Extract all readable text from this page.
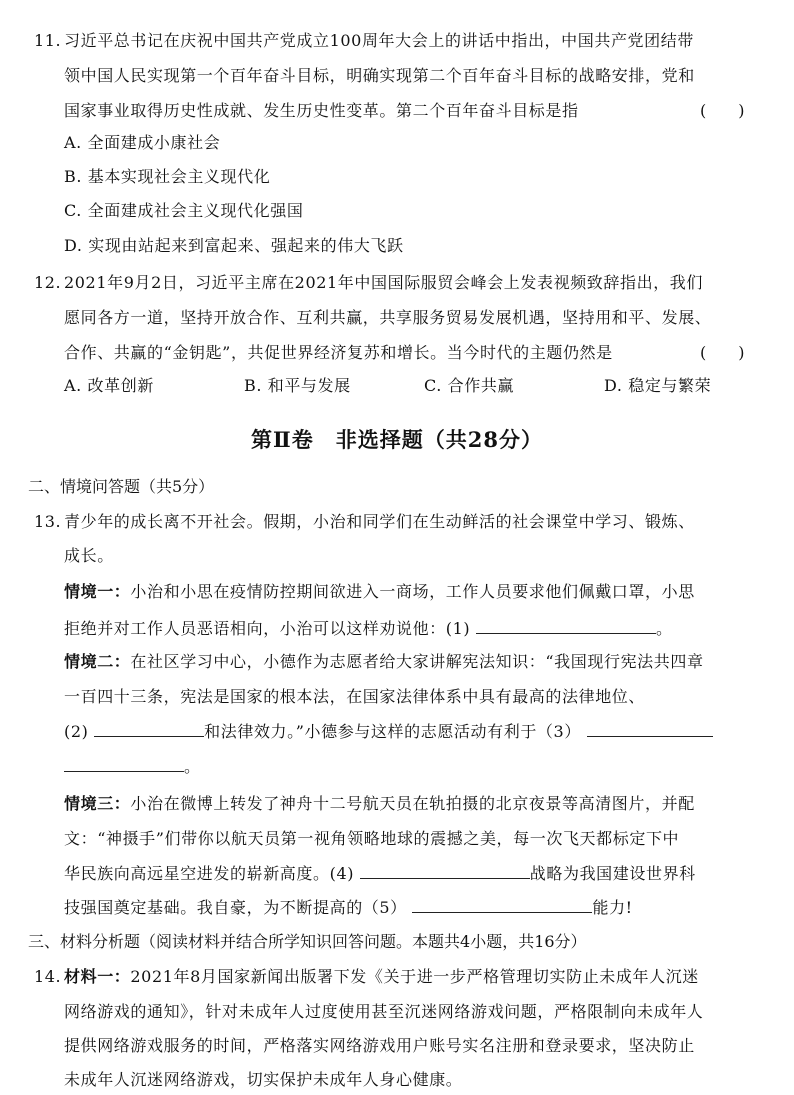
11. 习近平总书记在庆祝中国共产党成立100周年大会上的讲话中指出，中国共产党团结带
领中国人民实现第一个百年奋斗目标，明确实现第二个百年奋斗目标的战略安排，党和
国家事业取得历史性成就、发生历史性变革。第二个百年奋斗目标是指	(　　)
A. 全面建成小康社会
B. 基本实现社会主义现代化
C. 全面建成社会主义现代化强国
D. 实现由站起来到富起来、强起来的伟大飞跃
12. 2021年9月2日，习近平主席在2021年中国国际服贸会峰会上发表视频致辞指出，我们
愿同各方一道，坚持开放合作、互利共赢，共享服务贸易发展机遇，坚持用和平、发展、
合作、共赢的“金钥匙”，共促世界经济复苏和增长。当今时代的主题仍然是	(　　)
A. 改革创新	B. 和平与发展	C. 合作共赢	D. 稳定与繁荣
第Ⅱ卷　非选择题（共28分）
二、情境问答题（共5分）
13. 青少年的成长离不开社会。假期，小治和同学们在生动鲜活的社会课堂中学习、锻炼、
成长。
情境一：小治和小思在疫情防控期间欲进入一商场，工作人员要求他们佩戴口罩，小思
拒绝并对工作人员恶语相向，小治可以这样劝说他：(1)	。
情境二：在社区学习中心，小德作为志愿者给大家讲解宪法知识：“我国现行宪法共四章
一百四十三条，宪法是国家的根本法，在国家法律体系中具有最高的法律地位、
(2)	和法律效力。”小德参与这样的志愿活动有利于（3）
。
情境三：小治在微博上转发了神舟十二号航天员在轨拍摄的北京夜景等高清图片，并配
文：“神摄手”们带你以航天员第一视角领略地球的震撼之美，每一次飞天都标定下中
华民族向高远星空进发的崭新高度。(4)	战略为我国建设世界科
技强国奠定基础。我自豪，为不断提高的（5）	能力!
三、材料分析题（阅读材料并结合所学知识回答问题。本题共4小题，共16分）
14. 材料一：2021年8月国家新闻出版署下发《关于进一步严格管理切实防止未成年人沉迷
网络游戏的通知》，针对未成年人过度使用甚至沉迷网络游戏问题，严格限制向未成年人
提供网络游戏服务的时间，严格落实网络游戏用户账号实名注册和登录要求，坚决防止
未成年人沉迷网络游戏，切实保护未成年人身心健康。
